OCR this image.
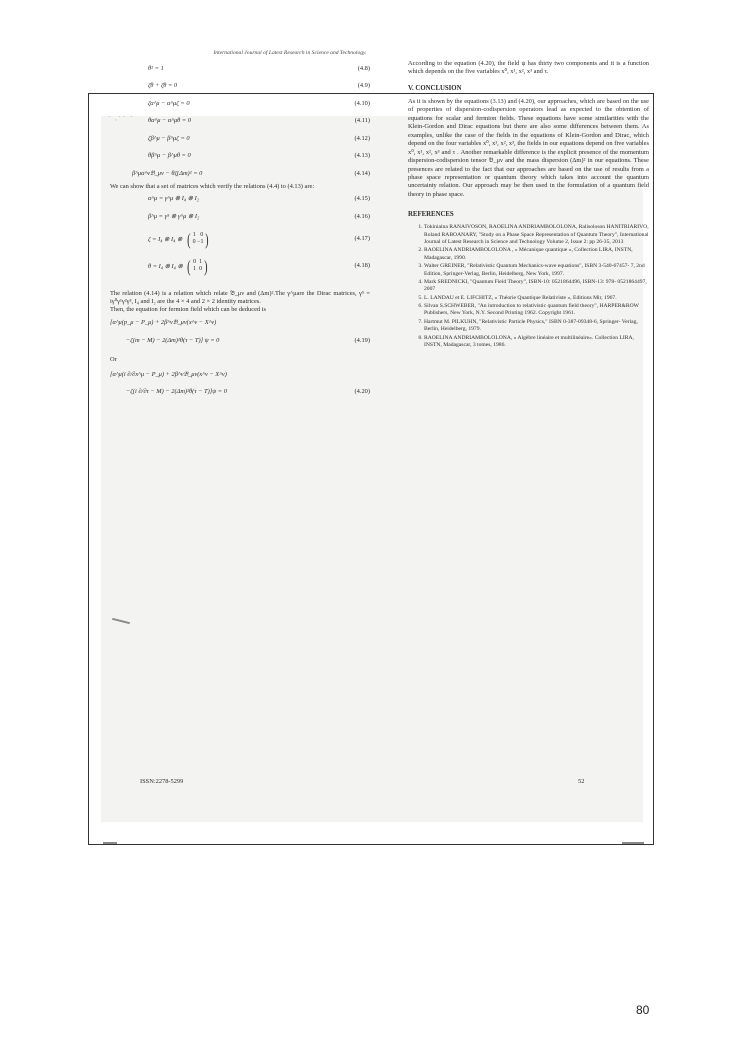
˙ ·˙˙ ˙
International Journal of Latest Research in Science and Technology.
θ² = 1	(4.8)
ζθ + ζθ = 0	(4.9)
ζα^μ − α^μζ = 0	(4.10)
θα^μ − α^μθ = 0	(4.11)
ζβ^μ − β^μζ = 0	(4.12)
θβ^μ − β^μθ = 0	(4.13)
β^μα^ν𝔅_μν − θζ(Δm)² = 0	(4.14)

We can show that a set of matrices which verify the relations (4.4) to (4.13) are:

α^μ = γ^μ ⊗ I₄ ⊗ I₂	(4.15)
β^μ = γ⁵ ⊗ γ^μ ⊗ I₂	(4.16)
ζ = I₄ ⊗ I₄ ⊗ ( 1 0
0 −1 )	(4.17)
θ = I₄ ⊗ I₄ ⊗ ( 0 1
1 0 )	(4.18)

The relation (4.14) is a relation which relate 𝔅_μν and (Δm)².The γ^μare the Dirac matrices, γ⁵ = iγ⁰γ¹γ²γ³, I₄ and I₂ are the 4 × 4 and 2 × 2 identity matrices.

Then, the equation for fermion field which can be deduced is

[α^μ(p_μ − P_μ) + 2β^ν𝔅_μν(x^ν − X^ν)
−ζ(m − M) − 2(Δm)²θ(τ − T)] ψ = 0	(4.19)
Or
[α^μ(i ∂/∂x^μ − P_μ) + 2β^ν𝔅_μν(x^ν − X^ν)
−ζ(i ∂/∂τ − M) − 2(Δm)²θ(τ − T)]ψ = 0	(4.20)

According to the equation (4.20), the field ψ has thirty two components and it is a function which depends on the five variables x⁰, x¹, x², x³ and τ.

V. CONCLUSION

As it is shown by the equations (3.13) and (4.20), our approaches, which are based on the use of properties of dispersion-codispersion operators lead as expected to the obtention of equations for scalar and fermion fields. These equations have some similarities with the Klein-Gordon and Dirac equations but there are also some differences between them. As examples, unlike the case of the fields in the equations of Klein-Gordon and Dirac, which depend on the four variables x⁰, x¹, x², x³, the fields in our equations depend on five variables x⁰, x¹, x², x³ and τ . Another remarkable difference is the explicit presence of the momentum dispersion-codispersion tensor 𝔅_μν and the mass dispersion (Δm)² in our equations. These presences are related to the fact that our approaches are based on the use of results from a phase space representation or quantum theory which takes into account the quantum uncertainty relation. Our approach may be then used in the formulation of a quantum field theory in phase space.

REFERENCES
1. Tokiniaina RANAIVOSON, RAOELINA ANDRIAMBOLOLONA, Ralisoloson HANITRIARIVO, Roland RABOANARY, "Study on a Phase Space Representation of Quantum Theory", International Journal of Latest Research in Science and Technology Volume 2, Issue 2: pp 26-35, 2013
2. RAOELINA ANDRIAMBOLOLONA , « Mécanique quantique », Collection LIRA, INSTN, Madagascar, 1990.
3. Walter GREINER, "Relativistic Quantum Mechanics-wave equations", ISBN 3-540-67457- 7, 2nd Edition, Springer-Verlag, Berlin, Heidelberg, New York, 1997.
4. Mark SREDNICKI, "Quantum Field Theory", ISBN-10: 0521864496, ISBN-13: 978- 0521864497, 2007
5. L. LANDAU et E. LIFCHITZ, « Théorie Quantique Relativiste », Editions Mir, 1967.
6. Silvan S.SCHWEBER, "An introduction to relativistic quantum field theory", HARPER&ROW Publishers, New York, N.Y. Second Printing 1962. Copyright 1961.
7. Hartmut M. PILKUHN, "Relativistic Particle Physics," ISBN 0-387-09348-6, Springer- Verlag, Berlin, Heidelberg, 1979.
8. RAOELINA ANDRIAMBOLOLONA, « Algèbre linéaire et multilinéaire». Collection LIRA, INSTN, Madagascar, 3 tomes, 1986.
ISSN:2278-5299	52
80
